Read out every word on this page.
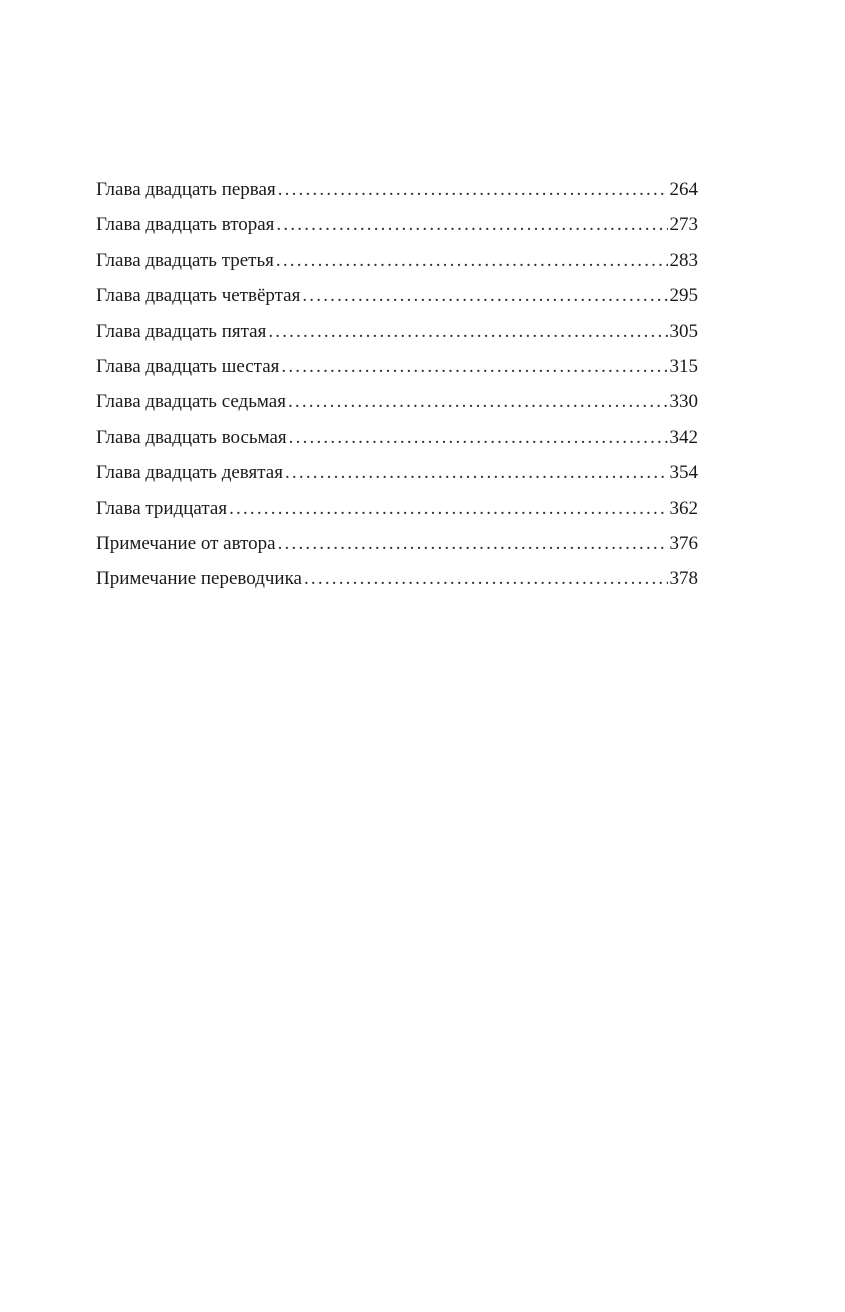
Глава двадцать первая .....	264
Глава двадцать вторая .....	273
Глава двадцать третья .....	283
Глава двадцать четвёртая .....	295
Глава двадцать пятая .....	305
Глава двадцать шестая .....	315
Глава двадцать седьмая .....	330
Глава двадцать восьмая .....	342
Глава двадцать девятая .....	354
Глава тридцатая .....	362
Примечание от автора .....	376
Примечание переводчика .....	378
